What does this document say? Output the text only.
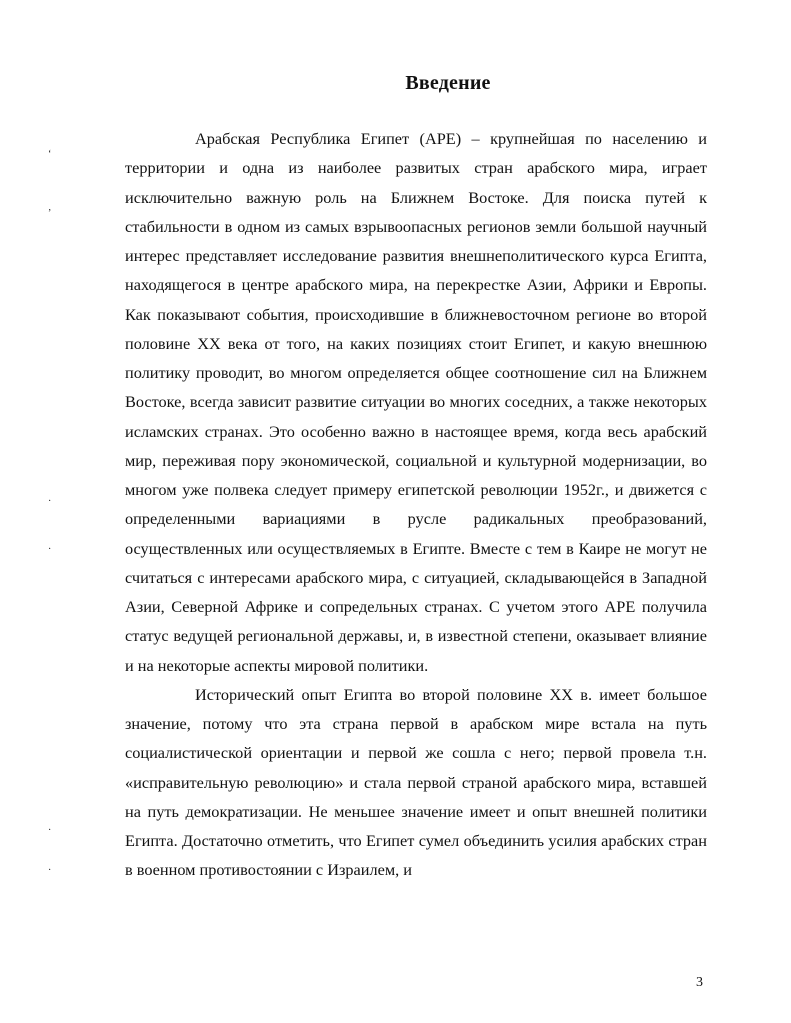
‘
‚
·
·
·
·
Введение

Арабская Республика Египет (АРЕ) – крупнейшая по населению и территории и одна из наиболее развитых стран арабского мира, играет исключительно важную роль на Ближнем Востоке. Для поиска путей к стабильности в одном из самых взрывоопасных регионов земли большой научный интерес представляет исследование развития внешнеполитического курса Египта, находящегося в центре арабского мира, на перекрестке Азии, Африки и Европы. Как показывают события, происходившие в ближневосточном регионе во второй половине XX века от того, на каких позициях стоит Египет, и какую внешнюю политику проводит, во многом определяется общее соотношение сил на Ближнем Востоке, всегда зависит развитие ситуации во многих соседних, а также некоторых исламских странах. Это особенно важно в настоящее время, когда весь арабский мир, переживая пору экономической, социальной и культурной модернизации, во многом уже полвека следует примеру египетской революции 1952г., и движется с определенными вариациями в русле радикальных преобразований, осуществленных или осуществляемых в Египте. Вместе с тем в Каире не могут не считаться с интересами арабского мира, с ситуацией, складывающейся в Западной Азии, Северной Африке и сопредельных странах. С учетом этого АРЕ получила статус ведущей региональной державы, и, в известной степени, оказывает влияние и на некоторые аспекты мировой политики.

Исторический опыт Египта во второй половине XX в. имеет большое значение, потому что эта страна первой в арабском мире встала на путь социалистической ориентации и первой же сошла с него; первой провела т.н. «исправительную революцию» и стала первой страной арабского мира, вставшей на путь демократизации. Не меньшее значение имеет и опыт внешней политики Египта. Достаточно отметить, что Египет сумел объединить усилия арабских стран в военном противостоянии с Израилем, и

3
